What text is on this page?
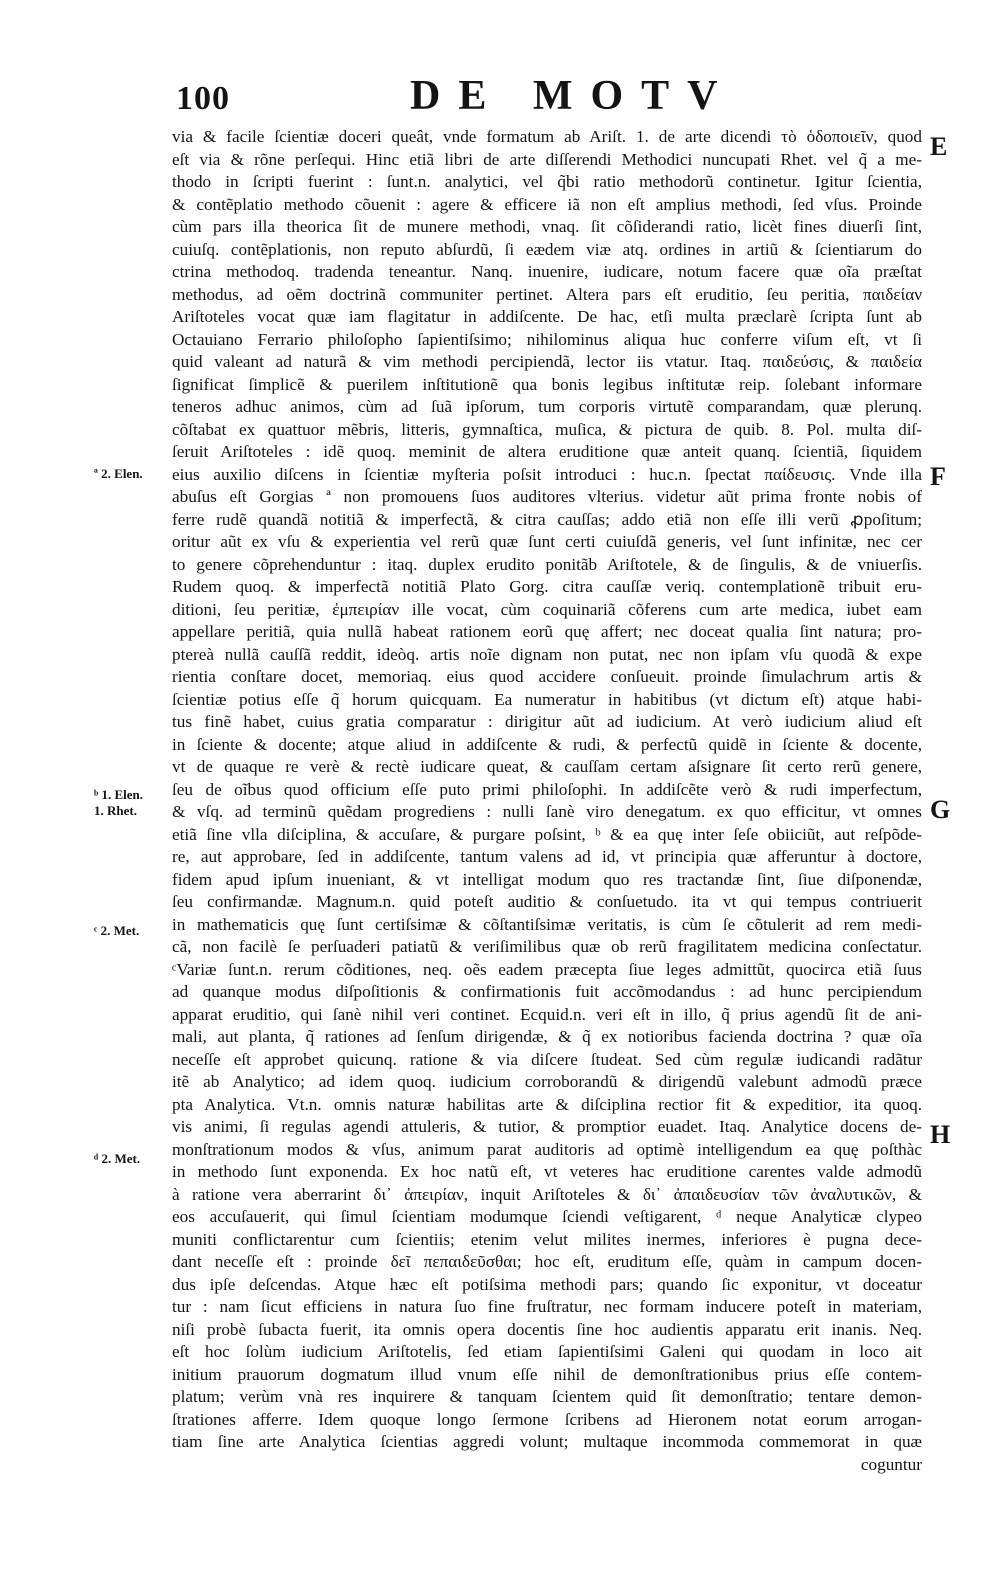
100	DE MOTV
via & facile ſcientiæ doceri queât, vnde formatum ab Ariſt. 1. de arte dicendi τὸ ὁδοποιεῖν, quod
eſt via & rõne perſequi. Hinc etiã libri de arte diſſerendi Methodici nuncupati Rhet. vel q̃ a me-
thodo in ſcripti fuerint : ſunt.n. analytici, vel q̃bi ratio methodorũ continetur. Igitur ſcientia,
& contẽplatio methodo cõuenit : agere & efficere iã non eſt amplius methodi, ſed vſus. Proinde
cùm pars illa theorica ſit de munere methodi, vnaq. ſit cõſiderandi ratio, licèt fines diuerſi ſint,
cuiuſq. contẽplationis, non reputo abſurdũ, ſi eædem viæ atq. ordines in artiũ & ſcientiarum do
ctrina methodoq. tradenda teneantur. Nanq. inuenire, iudicare, notum facere quæ oĩa præſtat
methodus, ad oẽm doctrinã communiter pertinet. Altera pars eſt eruditio, ſeu peritia, παιδείαν
Ariſtoteles vocat quæ iam flagitatur in addiſcente. De hac, etſi multa præclarè ſcripta ſunt ab
Octauiano Ferrario philoſopho ſapientiſsimo; nihilominus aliqua huc conferre viſum eſt, vt ſi
quid valeant ad naturã & vim methodi percipiendã, lector iis vtatur. Itaq. παιδεύσις, & παιδεία
ſignificat ſimplicẽ & puerilem inſtitutionẽ qua bonis legibus inſtitutæ reip. ſolebant informare
teneros adhuc animos, cùm ad ſuã ipſorum, tum corporis virtutẽ comparandam, quæ plerunq.
cõſtabat ex quattuor mẽbris, litteris, gymnaſtica, muſica, & pictura de quib. 8. Pol. multa diſ-
ſeruit Ariſtoteles : idẽ quoq. meminit de altera eruditione quæ anteit quanq. ſcientiã, ſiquidem
eius auxilio diſcens in ſcientiæ myſteria poſsit introduci : huc.n. ſpectat παίδευσις. Vnde illa
abuſus eſt Gorgias ª non promouens ſuos auditores vlterius. videtur aũt prima fronte nobis of
ferre rudẽ quandã notitiã & imperfectã, & citra cauſſas; addo etiã non eſſe illi verũ ꝓpoſitum;
oritur aũt ex vſu & experientia vel rerũ quæ ſunt certi cuiuſdã generis, vel ſunt infinitæ, nec cer
to genere cõprehenduntur : itaq. duplex erudito ponitãb Ariſtotele, & de ſingulis, & de vniuerſis.
Rudem quoq. & imperfectã notitiã Plato Gorg. citra cauſſæ veriq. contemplationẽ tribuit eru-
ditioni, ſeu peritiæ, ἐμπειρίαν ille vocat, cùm coquinariã cõferens cum arte medica, iubet eam
appellare peritiã, quia nullã habeat rationem eorũ quę affert; nec doceat qualia ſint natura; pro-
ptereà nullã cauſſã reddit, ideòq. artis noĩe dignam non putat, nec non ipſam vſu quodã & expe
rientia conſtare docet, memoriaq. eius quod accidere conſueuit. proinde ſimulachrum artis &
ſcientiæ potius eſſe q̃ horum quicquam. Ea numeratur in habitibus (vt dictum eſt) atque habi-
tus finẽ habet, cuius gratia comparatur : dirigitur aũt ad iudicium. At verò iudicium aliud eſt
in ſciente & docente; atque aliud in addiſcente & rudi, & perfectũ quidẽ in ſciente & docente,
vt de quaque re verè & rectè iudicare queat, & cauſſam certam aſsignare ſit certo rerũ genere,
ſeu de oĩbus quod officium eſſe puto primi philoſophi. In addiſcẽte verò & rudi imperfectum,
& vſq. ad terminũ quẽdam progrediens : nulli ſanè viro denegatum. ex quo efficitur, vt omnes
etiã ſine vlla diſciplina, & accuſare, & purgare poſsint, ᵇ & ea quę inter ſeſe obiiciũt, aut reſpõde-
re, aut approbare, ſed in addiſcente, tantum valens ad id, vt principia quæ afferuntur à doctore,
fidem apud ipſum inueniant, & vt intelligat modum quo res tractandæ ſint, ſiue diſponendæ,
ſeu confirmandæ. Magnum.n. quid poteſt auditio & conſuetudo. ita vt qui tempus contriuerit
in mathematicis quę ſunt certiſsimæ & cõſtantiſsimæ veritatis, is cùm ſe cõtulerit ad rem medi-
cã, non facilè ſe perſuaderi patiatũ & veriſimilibus quæ ob rerũ fragilitatem medicina conſectatur.
ᶜVariæ ſunt.n. rerum cõditiones, neq. oẽs eadem præcepta ſiue leges admittũt, quocirca etiã ſuus
ad quanque modus diſpoſitionis & confirmationis fuit accõmodandus : ad hunc percipiendum
apparat eruditio, qui ſanè nihil veri continet. Ecquid.n. veri eſt in illo, q̃ prius agendũ ſit de ani-
mali, aut planta, q̃ rationes ad ſenſum dirigendæ, & q̃ ex notioribus facienda doctrina ? quæ oĩa
neceſſe eſt approbet quicunq. ratione & via diſcere ſtudeat. Sed cùm regulæ iudicandi radãtur
itẽ ab Analytico; ad idem quoq. iudicium corroborandũ & dirigendũ valebunt admodũ præce
pta Analytica. Vt.n. omnis naturæ habilitas arte & diſciplina rectior fit & expeditior, ita quoq.
vis animi, ſi regulas agendi attuleris, & tutior, & promptior euadet. Itaq. Analytice docens de-
monſtrationum modos & vſus, animum parat auditoris ad optimè intelligendum ea quę poſthàc
in methodo ſunt exponenda. Ex hoc natũ eſt, vt veteres hac eruditione carentes valde admodũ
à ratione vera aberrarint δι᾽ ἀπειρίαν, inquit Ariſtoteles & δι᾽ ἀπαιδευσίαν τῶν ἀναλυτικῶν, &
eos accuſauerit, qui ſimul ſcientiam modumque ſciendi veſtigarent, ᵈ neque Analyticæ clypeo
muniti conflictarentur cum ſcientiis; etenim velut milites inermes, inferiores è pugna dece-
dant neceſſe eſt : proinde δεῖ πεπαιδεῦσθαι; hoc eſt, eruditum eſſe, quàm in campum docen-
dus ipſe deſcendas. Atque hæc eſt potiſsima methodi pars; quando ſic exponitur, vt doceatur
tur : nam ſicut efficiens in natura ſuo fine fruſtratur, nec formam inducere poteſt in materiam,
niſi probè ſubacta fuerit, ita omnis opera docentis ſine hoc audientis apparatu erit inanis. Neq.
eſt hoc ſolùm iudicium Ariſtotelis, ſed etiam ſapientiſsimi Galeni qui quodam in loco ait
initium prauorum dogmatum illud vnum eſſe nihil de demonſtrationibus prius eſſe contem-
platum; verùm vnà res inquirere & tanquam ſcientem quid ſit demonſtratio; tentare demon-
ſtrationes afferre. Idem quoque longo ſermone ſcribens ad Hieronem notat eorum arrogan-
tiam ſine arte Analytica ſcientias aggredi volunt; multaque incommoda commemorat in quæ
coguntur
ª 2. Elen.
ᵇ 1. Elen.
1. Rhet.
ᶜ 2. Met.
ᵈ 2. Met.
E
F
G
H
